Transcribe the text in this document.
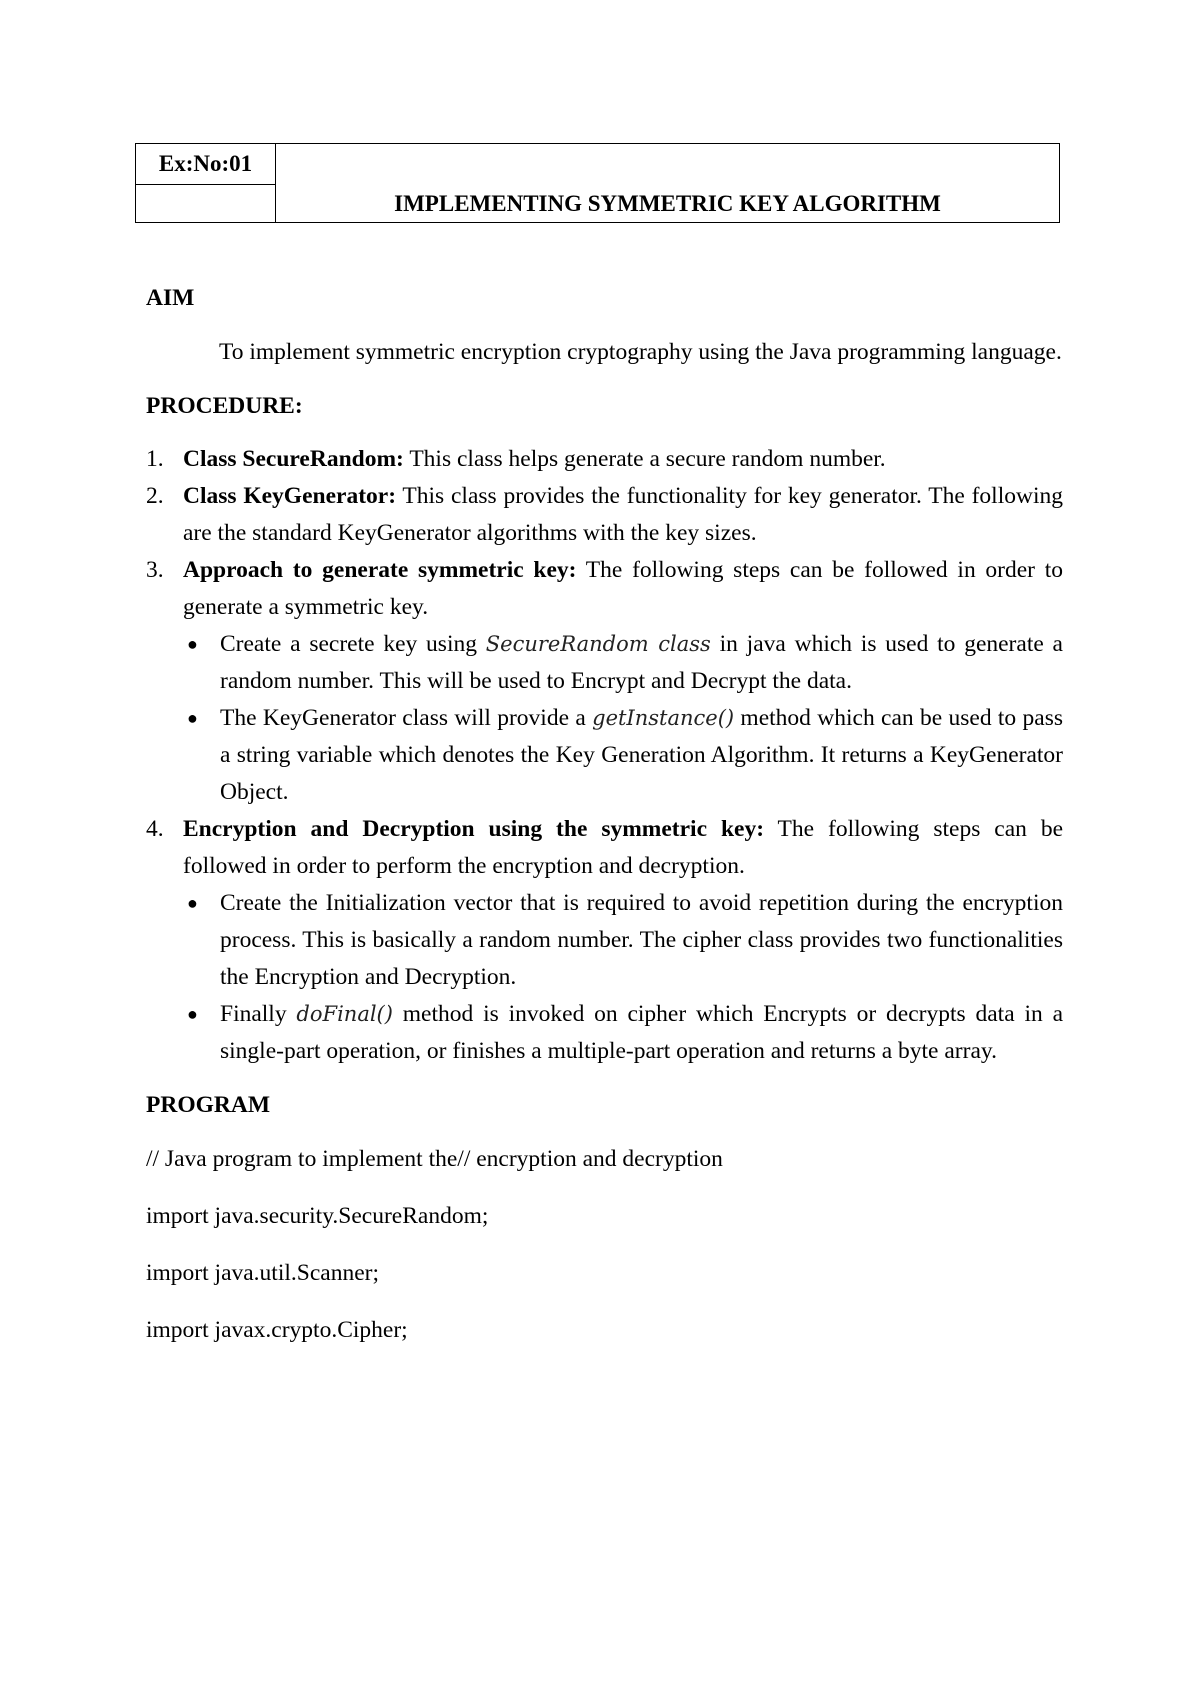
Ex:No:01
IMPLEMENTING SYMMETRIC KEY ALGORITHM

AIM

To implement symmetric encryption cryptography using the Java programming language.

PROCEDURE:

1. Class SecureRandom: This class helps generate a secure random number.
2. Class KeyGenerator: This class provides the functionality for key generator. The following are the standard KeyGenerator algorithms with the key sizes.
3. Approach to generate symmetric key: The following steps can be followed in order to generate a symmetric key.
● Create a secrete key using SecureRandom class in java which is used to generate a random number. This will be used to Encrypt and Decrypt the data.
● The KeyGenerator class will provide a getInstance() method which can be used to pass a string variable which denotes the Key Generation Algorithm. It returns a KeyGenerator Object.
4. Encryption and Decryption using the symmetric key: The following steps can be followed in order to perform the encryption and decryption.
● Create the Initialization vector that is required to avoid repetition during the encryption process. This is basically a random number. The cipher class provides two functionalities the Encryption and Decryption.
● Finally doFinal() method is invoked on cipher which Encrypts or decrypts data in a single-part operation, or finishes a multiple-part operation and returns a byte array.

PROGRAM

// Java program to implement the// encryption and decryption

import java.security.SecureRandom;

import java.util.Scanner;

import javax.crypto.Cipher;
